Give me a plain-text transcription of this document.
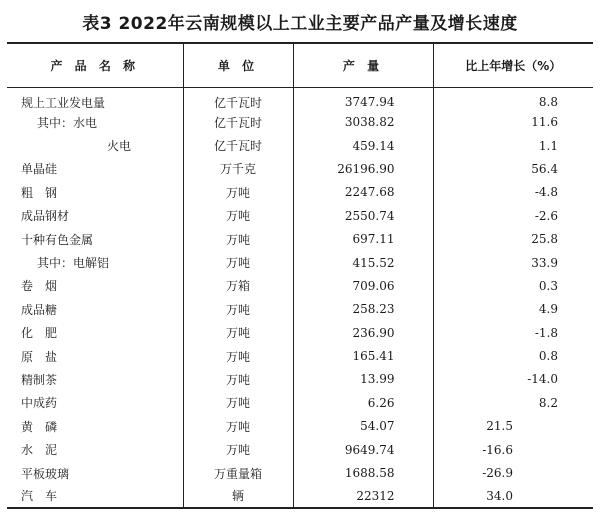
表3 2022年云南规模以上工业主要产品产量及增长速度
产 品 名 称	单 位	产 量	比上年增长（%）
规上工业发电量	亿千瓦时	3747.94	8.8
其中：水电	亿千瓦时	3038.82	11.6
火电	亿千瓦时	459.14	1.1
单晶硅	万千克	26196.90	56.4
粗　钢	万吨	2247.68	-4.8
成品钢材	万吨	2550.74	-2.6
十种有色金属	万吨	697.11	25.8
其中：电解铝	万吨	415.52	33.9
卷　烟	万箱	709.06	0.3
成品糖	万吨	258.23	4.9
化　肥	万吨	236.90	-1.8
原　盐	万吨	165.41	0.8
精制茶	万吨	13.99	-14.0
中成药	万吨	6.26	8.2
黄　磷	万吨	54.07	21.5
水　泥	万吨	9649.74	-16.6
平板玻璃	万重量箱	1688.58	-26.9
汽　车	辆	22312	34.0
